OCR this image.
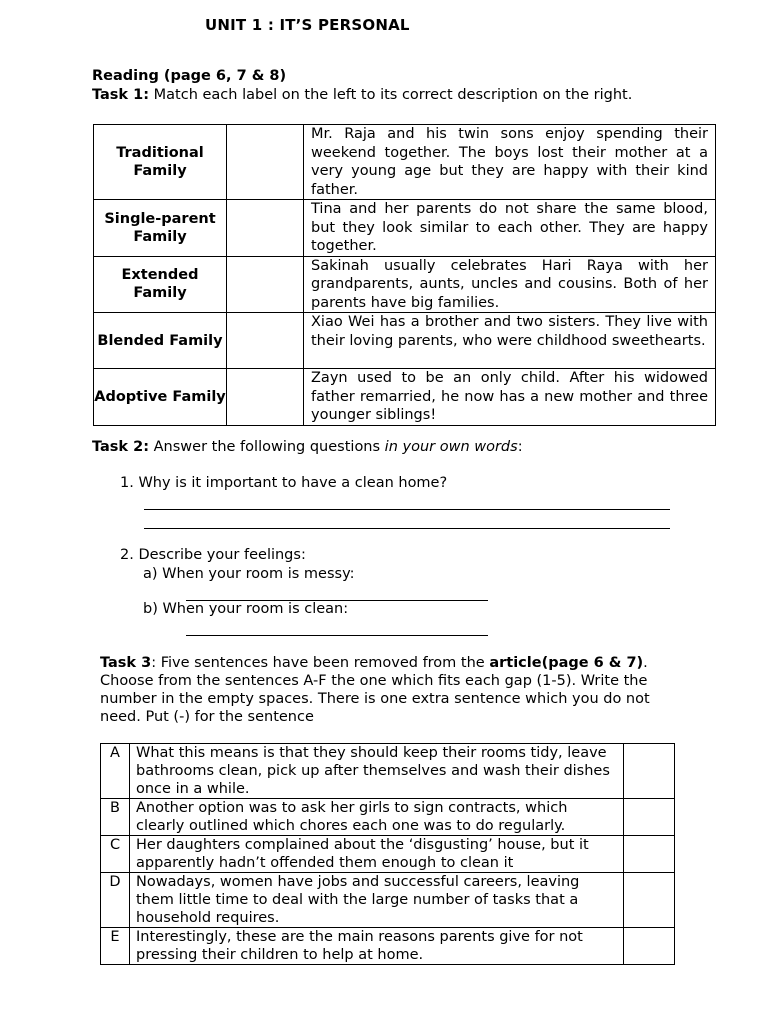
UNIT 1 : IT’S PERSONAL
Reading (page 6, 7 & 8)
Task 1: Match each label on the left to its correct description on the right.
Traditional Family		Mr. Raja and his twin sons enjoy spending their weekend together. The boys lost their mother at a very young age but they are happy with their kind father.
Single-parent Family		Tina and her parents do not share the same blood, but they look similar to each other. They are happy together.
Extended Family		Sakinah usually celebrates Hari Raya with her grandparents, aunts, uncles and cousins. Both of her parents have big families.
Blended Family		Xiao Wei has a brother and two sisters. They live with their loving parents, who were childhood sweethearts.
Adoptive Family		Zayn used to be an only child. After his widowed father remarried, he now has a new mother and three younger siblings!
Task 2: Answer the following questions in your own words:
1. Why is it important to have a clean home?
2. Describe your feelings:
a) When your room is messy:
b) When your room is clean:
Task 3: Five sentences have been removed from the article(page 6 & 7). Choose from the sentences A-F the one which fits each gap (1-5). Write the number in the empty spaces. There is one extra sentence which you do not need. Put (-) for the sentence
A	What this means is that they should keep their rooms tidy, leave bathrooms clean, pick up after themselves and wash their dishes once in a while.	
B	Another option was to ask her girls to sign contracts, which clearly outlined which chores each one was to do regularly.	
C	Her daughters complained about the ‘disgusting’ house, but it apparently hadn’t offended them enough to clean it	
D	Nowadays, women have jobs and successful careers, leaving them little time to deal with the large number of tasks that a household requires.	
E	Interestingly, these are the main reasons parents give for not pressing their children to help at home.	
